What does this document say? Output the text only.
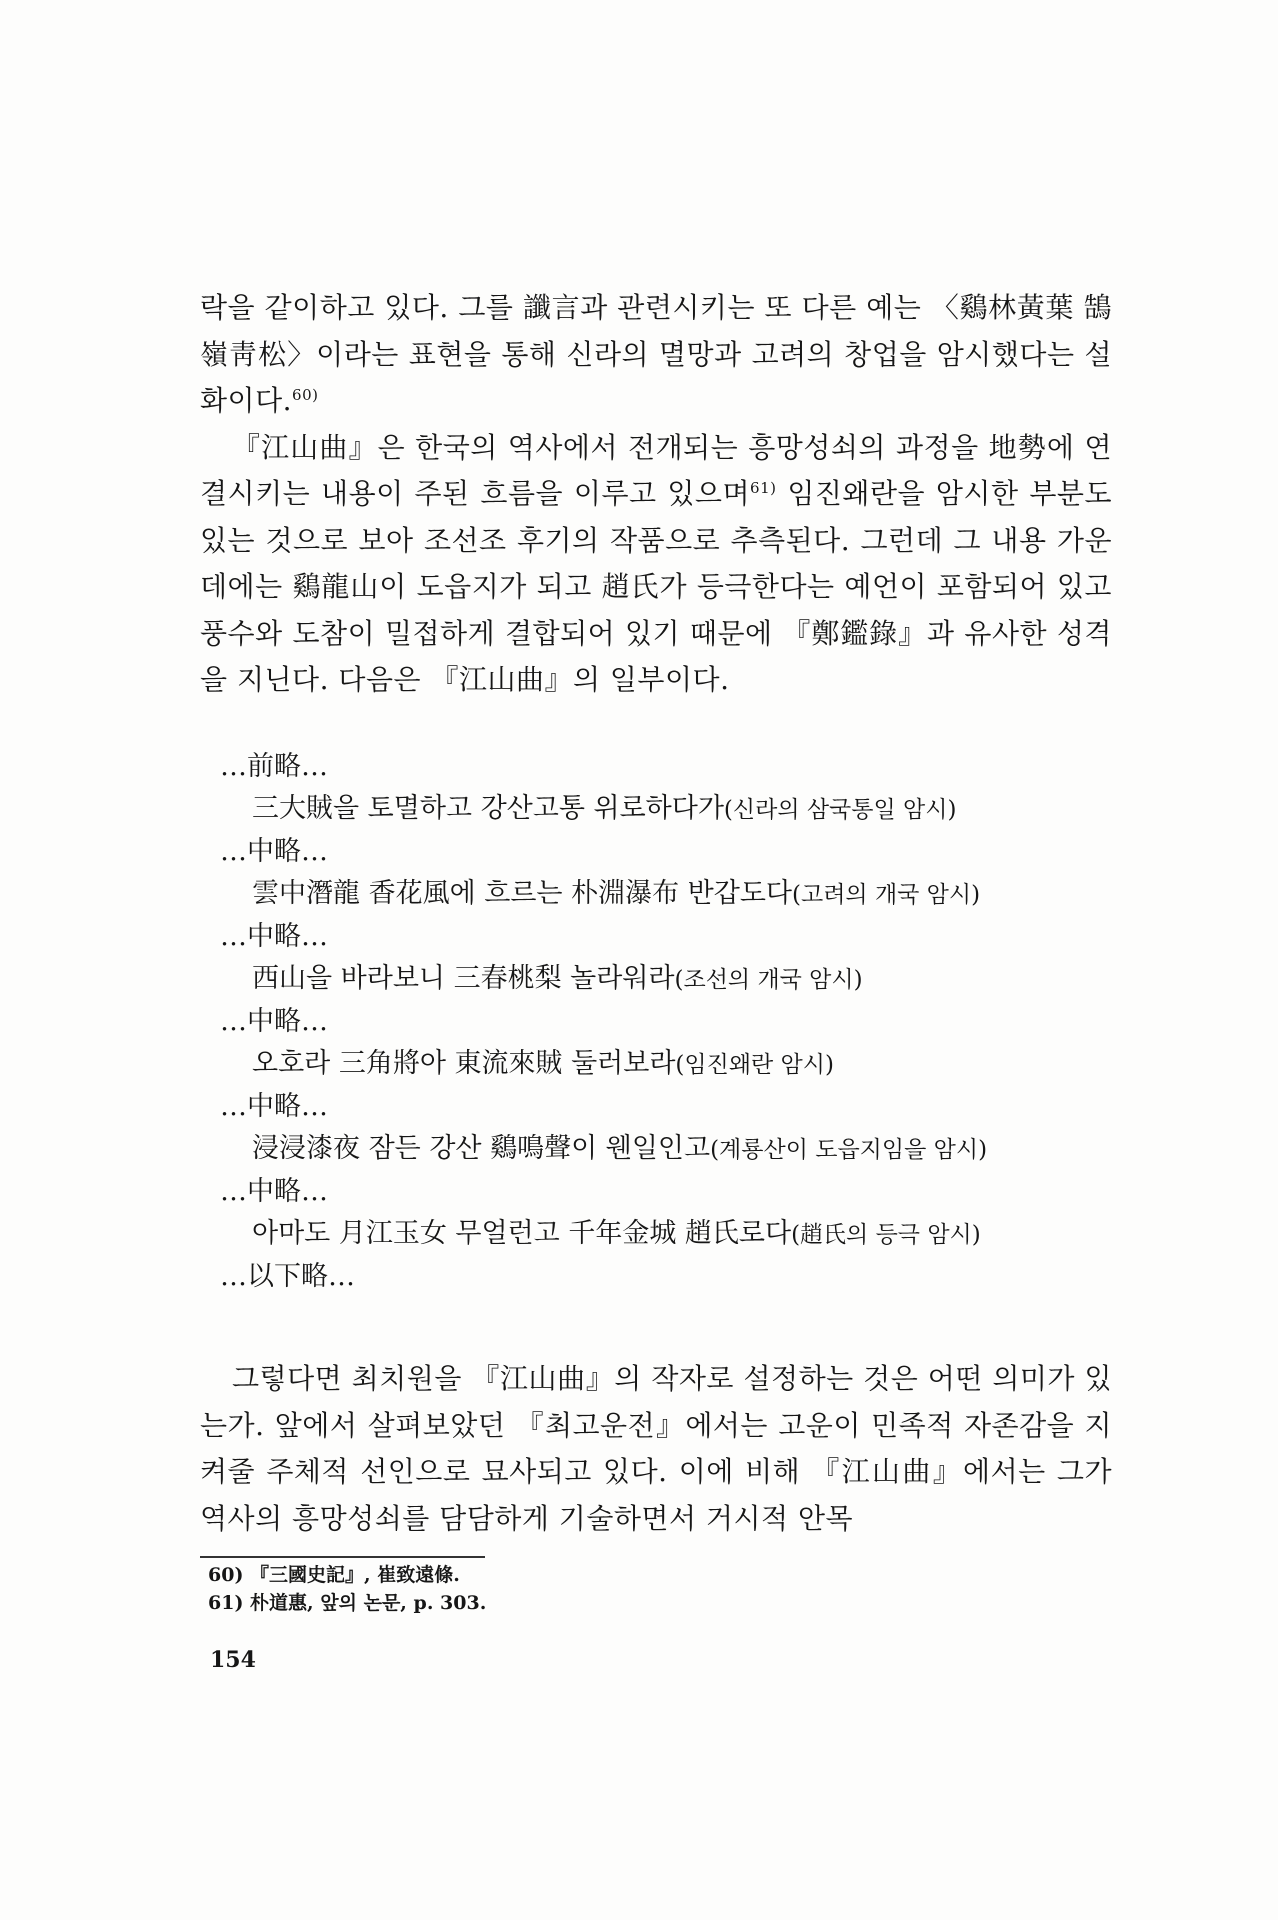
락을 같이하고 있다. 그를 讖言과 관련시키는 또 다른 예는 〈鷄林黃葉 鵠嶺靑松〉이라는 표현을 통해 신라의 멸망과 고려의 창업을 암시했다는 설화이다.$^{60)}$

『江山曲』은 한국의 역사에서 전개되는 흥망성쇠의 과정을 地勢에 연결시키는 내용이 주된 흐름을 이루고 있으며$^{61)}$ 임진왜란을 암시한 부분도 있는 것으로 보아 조선조 후기의 작품으로 추측된다. 그런데 그 내용 가운데에는 鷄龍山이 도읍지가 되고 趙氏가 등극한다는 예언이 포함되어 있고 풍수와 도참이 밀접하게 결합되어 있기 때문에 『鄭鑑錄』과 유사한 성격을 지닌다. 다음은 『江山曲』의 일부이다.

…前略…
三大賊을 토멸하고 강산고통 위로하다가(신라의 삼국통일 암시)
…中略…
雲中潛龍 香花風에 흐르는 朴淵瀑布 반갑도다(고려의 개국 암시)
…中略…
西山을 바라보니 三春桃梨 놀라워라(조선의 개국 암시)
…中略…
오호라 三角將아 東流來賊 둘러보라(임진왜란 암시)
…中略…
浸浸漆夜 잠든 강산 鷄鳴聲이 웬일인고(계룡산이 도읍지임을 암시)
…中略…
아마도 月江玉女 무얼런고 千年金城 趙氏로다(趙氏의 등극 암시)
…以下略…

그렇다면 최치원을 『江山曲』의 작자로 설정하는 것은 어떤 의미가 있는가. 앞에서 살펴보았던 『최고운전』에서는 고운이 민족적 자존감을 지켜줄 주체적 선인으로 묘사되고 있다. 이에 비해 『江山曲』에서는 그가 역사의 흥망성쇠를 담담하게 기술하면서 거시적 안목

60) 『三國史記』, 崔致遠條.
61) 朴道惠, 앞의 논문, p. 303.
154
